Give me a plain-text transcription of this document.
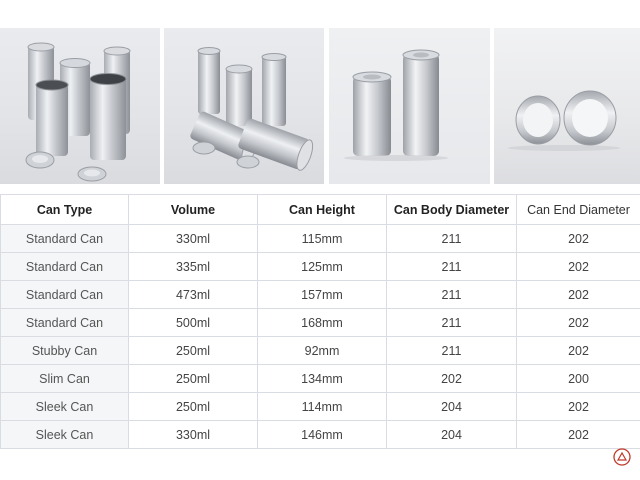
Can Type	Volume	Can Height	Can Body Diameter	Can End Diameter
Standard Can	330ml	115mm	211	202
Standard Can	335ml	125mm	211	202
Standard Can	473ml	157mm	211	202
Standard Can	500ml	168mm	211	202
Stubby Can	250ml	92mm	211	202
Slim Can	250ml	134mm	202	200
Sleek Can	250ml	114mm	204	202
Sleek Can	330ml	146mm	204	202
